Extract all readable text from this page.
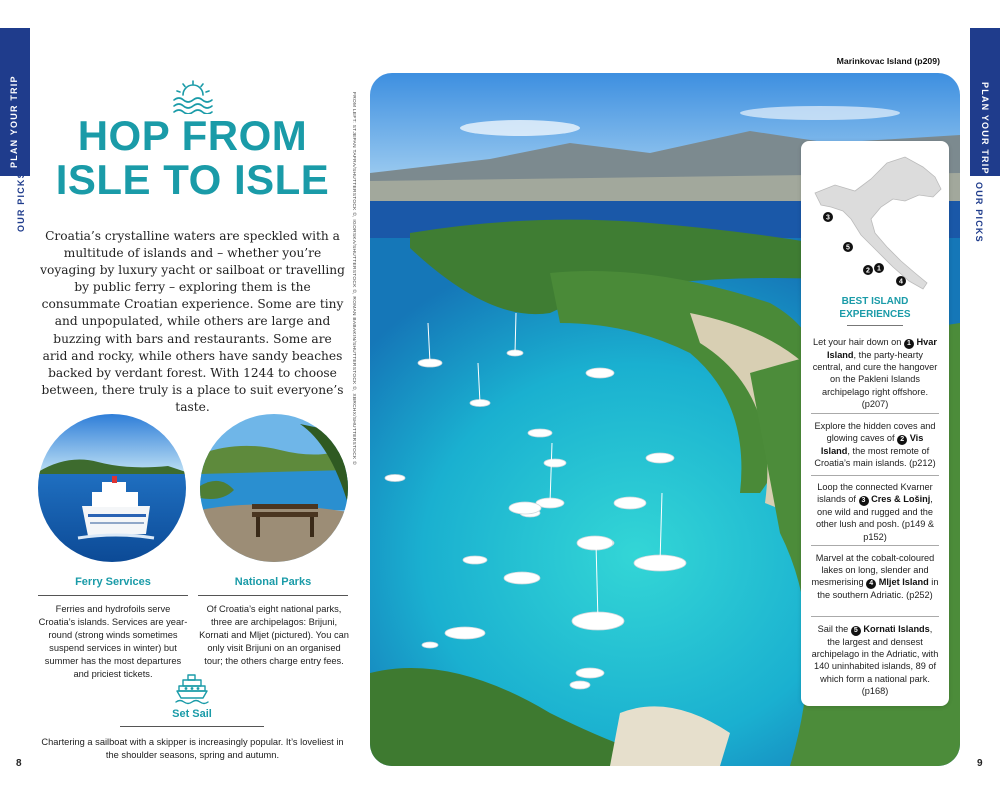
PLAN YOUR TRIP
OUR PICKS
PLAN YOUR TRIP
OUR PICKS
HOP FROM
ISLE TO ISLE
Croatia’s crystalline waters are speckled with a multitude of islands and – whether you’re voyaging by luxury yacht or sailboat or travelling by public ferry – exploring them is the consummate Croatian experience. Some are tiny and unpopulated, while others are large and buzzing with bars and restaurants. Some are arid and rocky, while others have sandy beaches backed by verdant forest. With 1244 to choose between, there truly is a place to suit everyone’s taste.
Ferry Services
Ferries and hydrofoils serve Croatia’s islands. Services are year-round (strong winds sometimes suspend services in winter) but summer has the most departures and priciest tickets.
National Parks
Of Croatia’s eight national parks, three are archipelagos: Brijuni, Kornati and Mljet (pictured). You can only visit Brijuni on an organised tour; the others charge entry fees.
Set Sail
Chartering a sailboat with a skipper is increasingly popular. It’s loveliest in the shoulder seasons, spring and autumn.
8
FROM LEFT: STJEPAN TAFRA/SHUTTERSTOCK ©, IGORSKA/SHUTTERSTOCK ©, ROMAN BABAKIN/SHUTTERSTOCK ©, XBRCHX/SHUTTERSTOCK ©
Marinkovac Island (p209)
3
5
2 1
4
BEST ISLAND
EXPERIENCES
Let your hair down on 1 Hvar Island, the party-hearty central, and cure the hangover on the Pakleni Islands archipelago right offshore. (p207)
Explore the hidden coves and glowing caves of 2 Vis Island, the most remote of Croatia’s main islands. (p212)
Loop the connected Kvarner islands of 3 Cres & Lošinj, one wild and rugged and the other lush and posh. (p149 & p152)
Marvel at the cobalt-coloured lakes on long, slender and mesmerising 4 Mljet Island in the southern Adriatic. (p252)
Sail the 5 Kornati Islands, the largest and densest archipelago in the Adriatic, with 140 uninhabited islands, 89 of which form a national park. (p168)
9
